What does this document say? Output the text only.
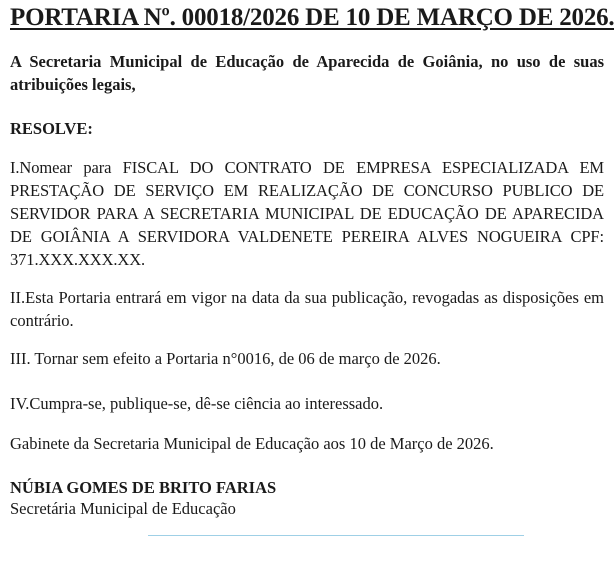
PORTARIA Nº. 00018/2026 DE 10 DE MARÇO DE 2026.

A Secretaria Municipal de Educação de Aparecida de Goiânia, no uso de suas atribuições legais,

RESOLVE:

I.Nomear para FISCAL DO CONTRATO DE EMPRESA ESPECIALIZADA EM PRESTAÇÃO DE SERVIÇO EM REALIZAÇÃO DE CONCURSO PUBLICO DE SERVIDOR PARA A SECRETARIA MUNICIPAL DE EDUCAÇÃO DE APARECIDA DE GOIÂNIA A SERVIDORA VALDENETE PEREIRA ALVES NOGUEIRA CPF: 371.XXX.XXX.XX.

II.Esta Portaria entrará em vigor na data da sua publicação, revogadas as disposições em contrário.

III. Tornar sem efeito a Portaria n°0016, de 06 de março de 2026.

IV.Cumpra-se, publique-se, dê-se ciência ao interessado.

Gabinete da Secretaria Municipal de Educação aos 10 de Março de 2026.

NÚBIA GOMES DE BRITO FARIAS

Secretária Municipal de Educação
